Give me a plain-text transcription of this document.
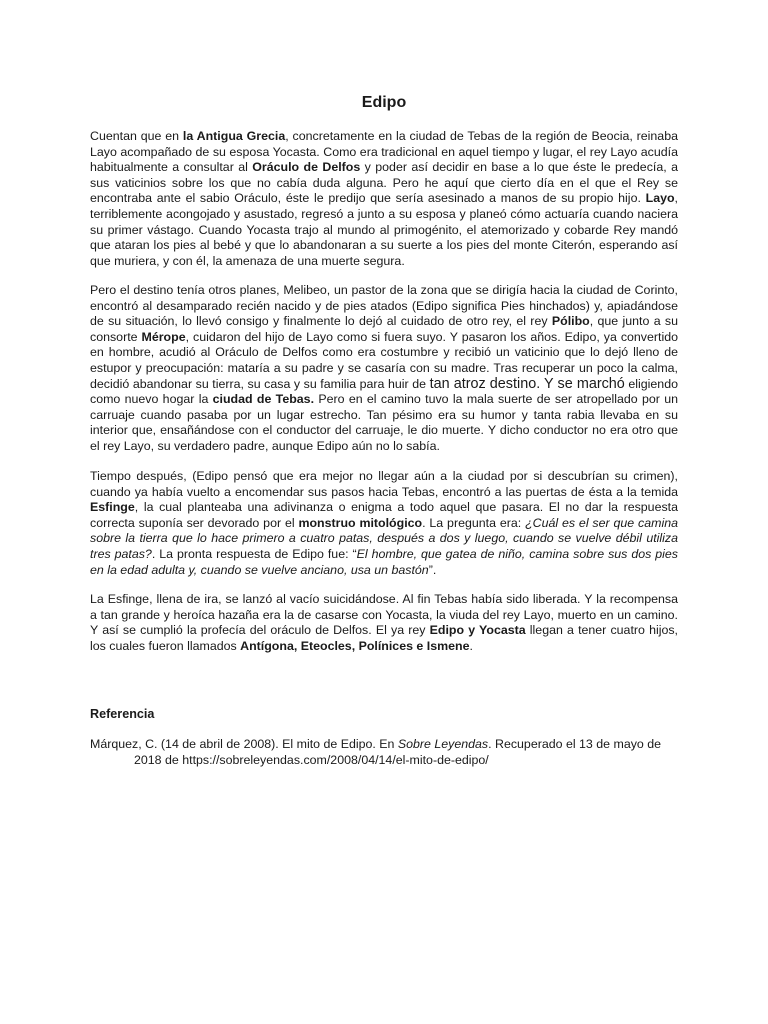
Edipo

Cuentan que en la Antigua Grecia, concretamente en la ciudad de Tebas de la región de Beocia, reinaba Layo acompañado de su esposa Yocasta. Como era tradicional en aquel tiempo y lugar, el rey Layo acudía habitualmente a consultar al Oráculo de Delfos y poder así decidir en base a lo que éste le predecía, a sus vaticinios sobre los que no cabía duda alguna. Pero he aquí que cierto día en el que el Rey se encontraba ante el sabio Oráculo, éste le predijo que sería asesinado a manos de su propio hijo. Layo, terriblemente acongojado y asustado, regresó a junto a su esposa y planeó cómo actuaría cuando naciera su primer vástago. Cuando Yocasta trajo al mundo al primogénito, el atemorizado y cobarde Rey mandó que ataran los pies al bebé y que lo abandonaran a su suerte a los pies del monte Citerón, esperando así que muriera, y con él, la amenaza de una muerte segura.

Pero el destino tenía otros planes, Melibeo, un pastor de la zona que se dirigía hacia la ciudad de Corinto, encontró al desamparado recién nacido y de pies atados (Edipo significa Pies hinchados) y, apiadándose de su situación, lo llevó consigo y finalmente lo dejó al cuidado de otro rey, el rey Pólibo, que junto a su consorte Mérope, cuidaron del hijo de Layo como si fuera suyo. Y pasaron los años. Edipo, ya convertido en hombre, acudió al Oráculo de Delfos como era costumbre y recibió un vaticinio que lo dejó lleno de estupor y preocupación: mataría a su padre y se casaría con su madre. Tras recuperar un poco la calma, decidió abandonar su tierra, su casa y su familia para huir de tan atroz destino. Y se marchó eligiendo como nuevo hogar la ciudad de Tebas. Pero en el camino tuvo la mala suerte de ser atropellado por un carruaje cuando pasaba por un lugar estrecho. Tan pésimo era su humor y tanta rabia llevaba en su interior que, ensañándose con el conductor del carruaje, le dio muerte. Y dicho conductor no era otro que el rey Layo, su verdadero padre, aunque Edipo aún no lo sabía.

Tiempo después, (Edipo pensó que era mejor no llegar aún a la ciudad por si descubrían su crimen), cuando ya había vuelto a encomendar sus pasos hacia Tebas, encontró a las puertas de ésta a la temida Esfinge, la cual planteaba una adivinanza o enigma a todo aquel que pasara. El no dar la respuesta correcta suponía ser devorado por el monstruo mitológico. La pregunta era: ¿Cuál es el ser que camina sobre la tierra que lo hace primero a cuatro patas, después a dos y luego, cuando se vuelve débil utiliza tres patas?. La pronta respuesta de Edipo fue: “El hombre, que gatea de niño, camina sobre sus dos pies en la edad adulta y, cuando se vuelve anciano, usa un bastón”.

La Esfinge, llena de ira, se lanzó al vacío suicidándose. Al fin Tebas había sido liberada. Y la recompensa a tan grande y heroíca hazaña era la de casarse con Yocasta, la viuda del rey Layo, muerto en un camino. Y así se cumplió la profecía del oráculo de Delfos. El ya rey Edipo y Yocasta llegan a tener cuatro hijos, los cuales fueron llamados Antígona, Eteocles, Polínices e Ismene.

Referencia

Márquez, C. (14 de abril de 2008). El mito de Edipo. En Sobre Leyendas. Recuperado el 13 de mayo de 2018 de https://sobreleyendas.com/2008/04/14/el-mito-de-edipo/
